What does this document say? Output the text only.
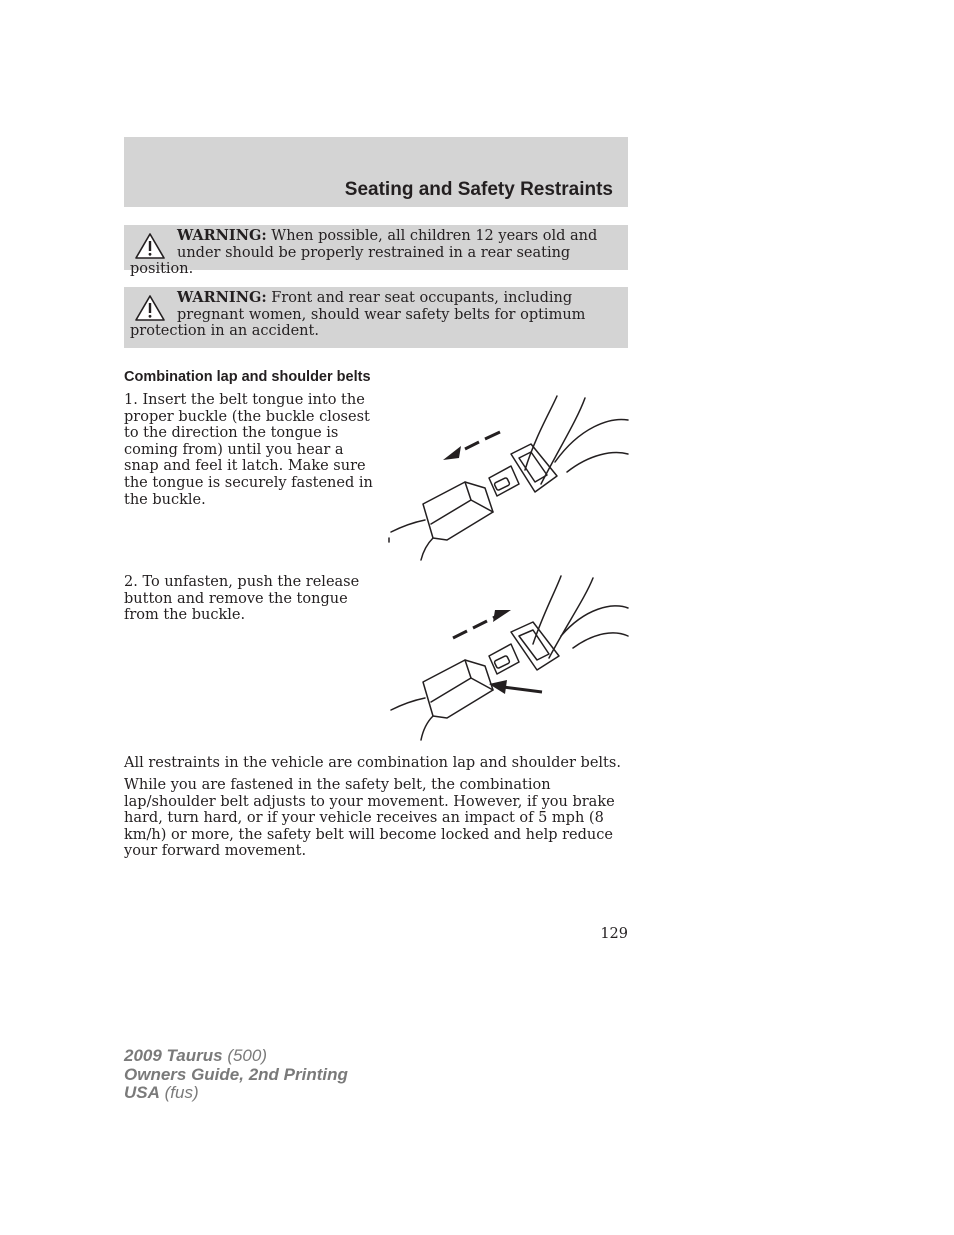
Seating and Safety Restraints
WARNING: When possible, all children 12 years old and under should be properly restrained in a rear seating position.
WARNING: Front and rear seat occupants, including pregnant women, should wear safety belts for optimum protection in an accident.
Combination lap and shoulder belts

1. Insert the belt tongue into the proper buckle (the buckle closest to the direction the tongue is coming from) until you hear a snap and feel it latch. Make sure the tongue is securely fastened in the buckle.

2. To unfasten, push the release button and remove the tongue from the buckle.

All restraints in the vehicle are combination lap and shoulder belts.

While you are fastened in the safety belt, the combination lap/shoulder belt adjusts to your movement. However, if you brake hard, turn hard, or if your vehicle receives an impact of 5 mph (8 km/h) or more, the safety belt will become locked and help reduce your forward movement.

129

2009 Taurus (500)
Owners Guide, 2nd Printing
USA (fus)
